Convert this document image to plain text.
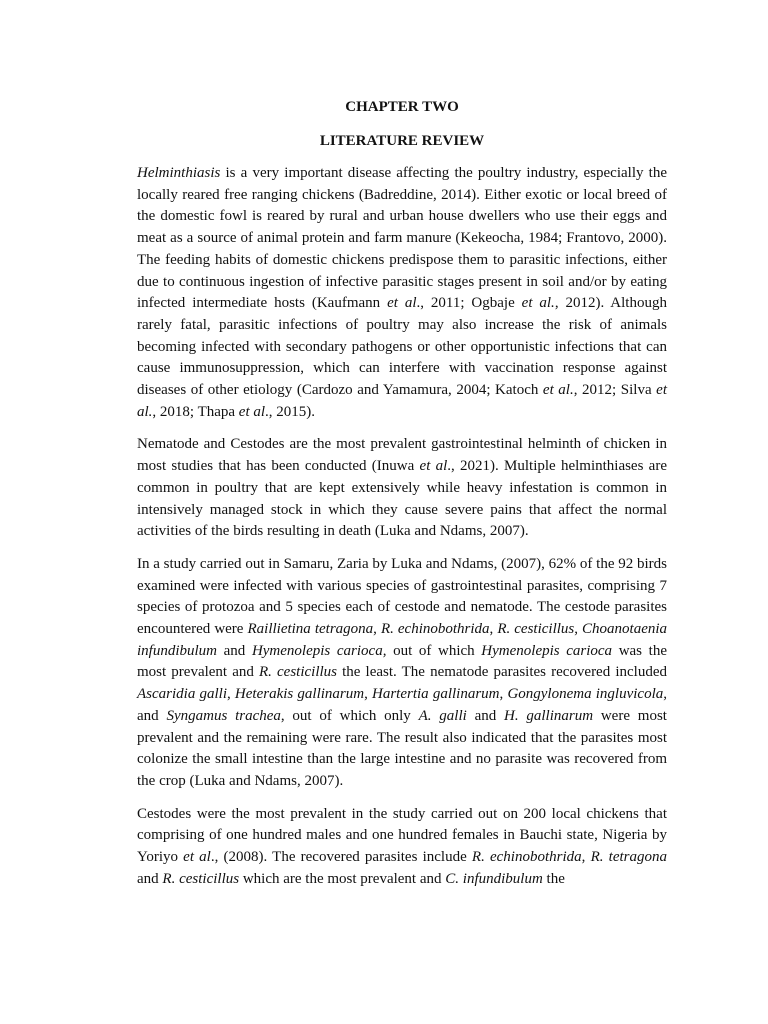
CHAPTER TWO

LITERATURE REVIEW

Helminthiasis is a very important disease affecting the poultry industry, especially the locally reared free ranging chickens (Badreddine, 2014). Either exotic or local breed of the domestic fowl is reared by rural and urban house dwellers who use their eggs and meat as a source of animal protein and farm manure (Kekeocha, 1984; Frantovo, 2000). The feeding habits of domestic chickens predispose them to parasitic infections, either due to continuous ingestion of infective parasitic stages present in soil and/or by eating infected intermediate hosts (Kaufmann et al., 2011; Ogbaje et al., 2012). Although rarely fatal, parasitic infections of poultry may also increase the risk of animals becoming infected with secondary pathogens or other opportunistic infections that can cause immunosuppression, which can interfere with vaccination response against diseases of other etiology (Cardozo and Yamamura, 2004; Katoch et al., 2012; Silva et al., 2018; Thapa et al., 2015).

Nematode and Cestodes are the most prevalent gastrointestinal helminth of chicken in most studies that has been conducted (Inuwa et al., 2021). Multiple helminthiases are common in poultry that are kept extensively while heavy infestation is common in intensively managed stock in which they cause severe pains that affect the normal activities of the birds resulting in death (Luka and Ndams, 2007).

In a study carried out in Samaru, Zaria by Luka and Ndams, (2007), 62% of the 92 birds examined were infected with various species of gastrointestinal parasites, comprising 7 species of protozoa and 5 species each of cestode and nematode. The cestode parasites encountered were Raillietina tetragona, R. echinobothrida, R. cesticillus, Choanotaenia infundibulum and Hymenolepis carioca, out of which Hymenolepis carioca was the most prevalent and R. cesticillus the least. The nematode parasites recovered included Ascaridia galli, Heterakis gallinarum, Hartertia gallinarum, Gongylonema ingluvicola, and Syngamus trachea, out of which only A. galli and H. gallinarum were most prevalent and the remaining were rare. The result also indicated that the parasites most colonize the small intestine than the large intestine and no parasite was recovered from the crop (Luka and Ndams, 2007).

Cestodes were the most prevalent in the study carried out on 200 local chickens that comprising of one hundred males and one hundred females in Bauchi state, Nigeria by Yoriyo et al., (2008). The recovered parasites include R. echinobothrida, R. tetragona and R. cesticillus which are the most prevalent and C. infundibulum the
